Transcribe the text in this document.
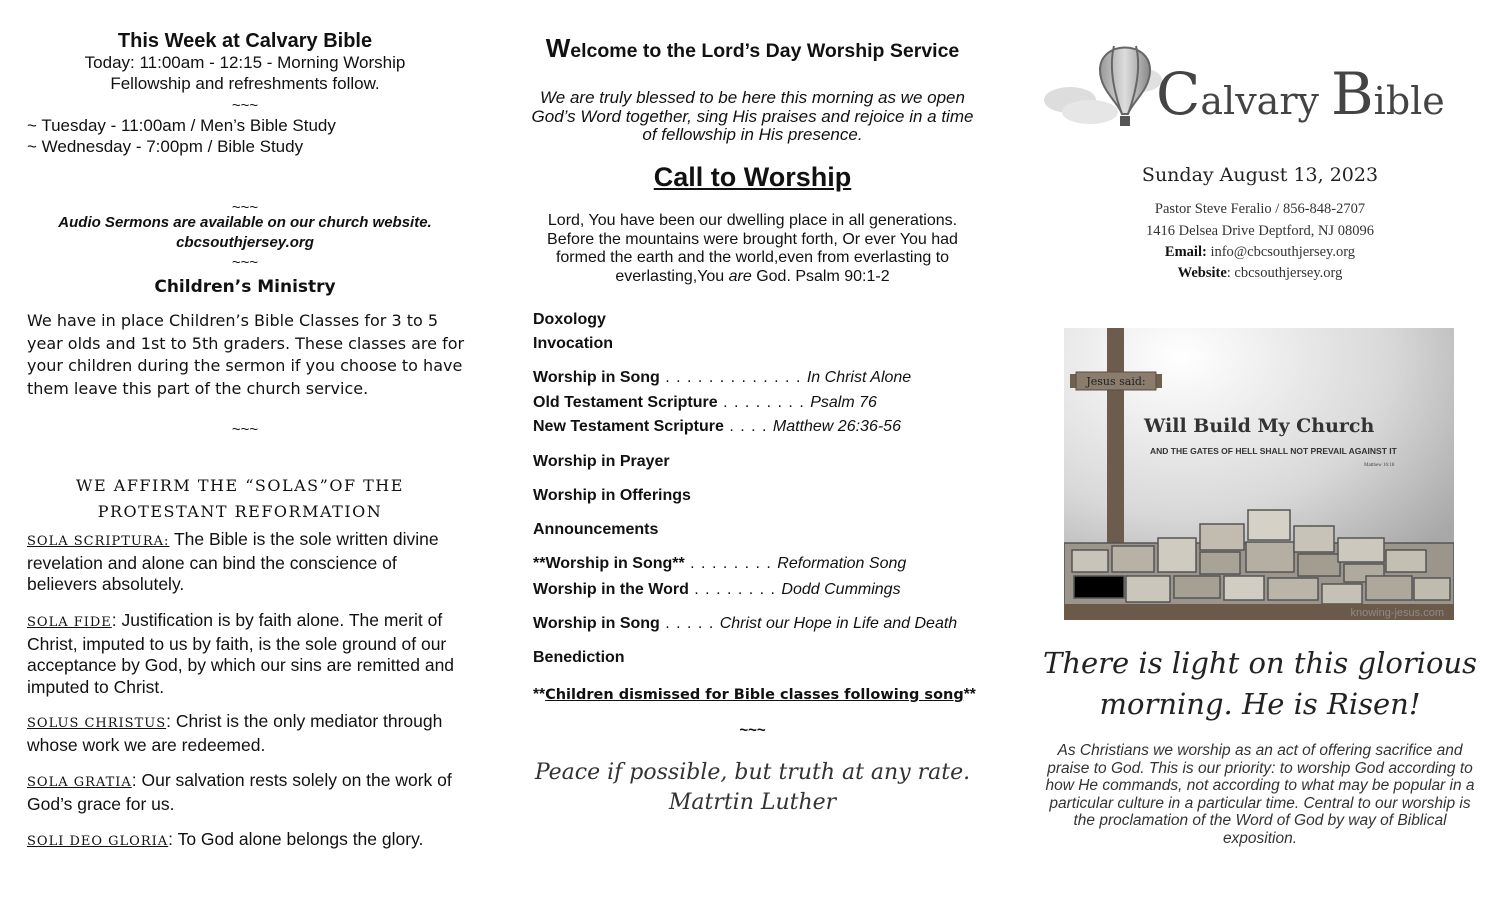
This Week at Calvary Bible
Today: 11:00am - 12:15 - Morning Worship
Fellowship and refreshments follow.
~~~
~ Tuesday - 11:00am / Men’s Bible Study
~ Wednesday - 7:00pm / Bible Study
~~~
Audio Sermons are available on our church website.
cbcsouthjersey.org
~~~
Children’s Ministry
We have in place Children’s Bible Classes for 3 to 5 year olds and 1st to 5th graders. These classes are for your children during the sermon if you choose to have them leave this part of the church service.
~~~
WE AFFIRM THE “SOLAS”OF THE PROTESTANT REFORMATION
SOLA SCRIPTURA: The Bible is the sole written divine revelation and alone can bind the conscience of believers absolutely.
SOLA FIDE: Justification is by faith alone. The merit of Christ, imputed to us by faith, is the sole ground of our acceptance by God, by which our sins are remitted and imputed to Christ.
SOLUS CHRISTUS: Christ is the only mediator through whose work we are redeemed.
SOLA GRATIA: Our salvation rests solely on the work of God’s grace for us.
SOLI DEO GLORIA: To God alone belongs the glory.
Welcome to the Lord’s Day Worship Service
We are truly blessed to be here this morning as we open God’s Word together, sing His praises and rejoice in a time of fellowship in His presence.
Call to Worship
Lord, You have been our dwelling place in all generations. Before the mountains were brought forth, Or ever You had formed the earth and the world,even from everlasting to everlasting,You are God. Psalm 90:1-2
Doxology
Invocation
Worship in Song . . . . . . . . . . . . . In Christ Alone
Old Testament Scripture . . . . . . . . Psalm 76
New Testament Scripture . . . . Matthew 26:36-56
Worship in Prayer
Worship in Offerings
Announcements
**Worship in Song** . . . . . . . . Reformation Song
Worship in the Word . . . . . . . . Dodd Cummings
Worship in Song . . . . . Christ our Hope in Life and Death
Benediction
**Children dismissed for Bible classes following song**
~~~
Peace if possible, but truth at any rate.
Matrtin Luther
Calvary Bible
Sunday August 13, 2023
Pastor Steve Feralio / 856-848-2707
1416 Delsea Drive Deptford, NJ 08096
Email: info@cbcsouthjersey.org
Website: cbcsouthjersey.org
Jesus said:
Will Build My Church
AND THE GATES OF HELL SHALL NOT PREVAIL AGAINST IT
Matthew 16:18
knowing-jesus.com
There is light on this glorious
morning. He is Risen!
As Christians we worship as an act of offering sacrifice and praise to God. This is our priority: to worship God according to how He commands, not according to what may be popular in a particular culture in a particular time. Central to our worship is the proclamation of the Word of God by way of Biblical exposition.
